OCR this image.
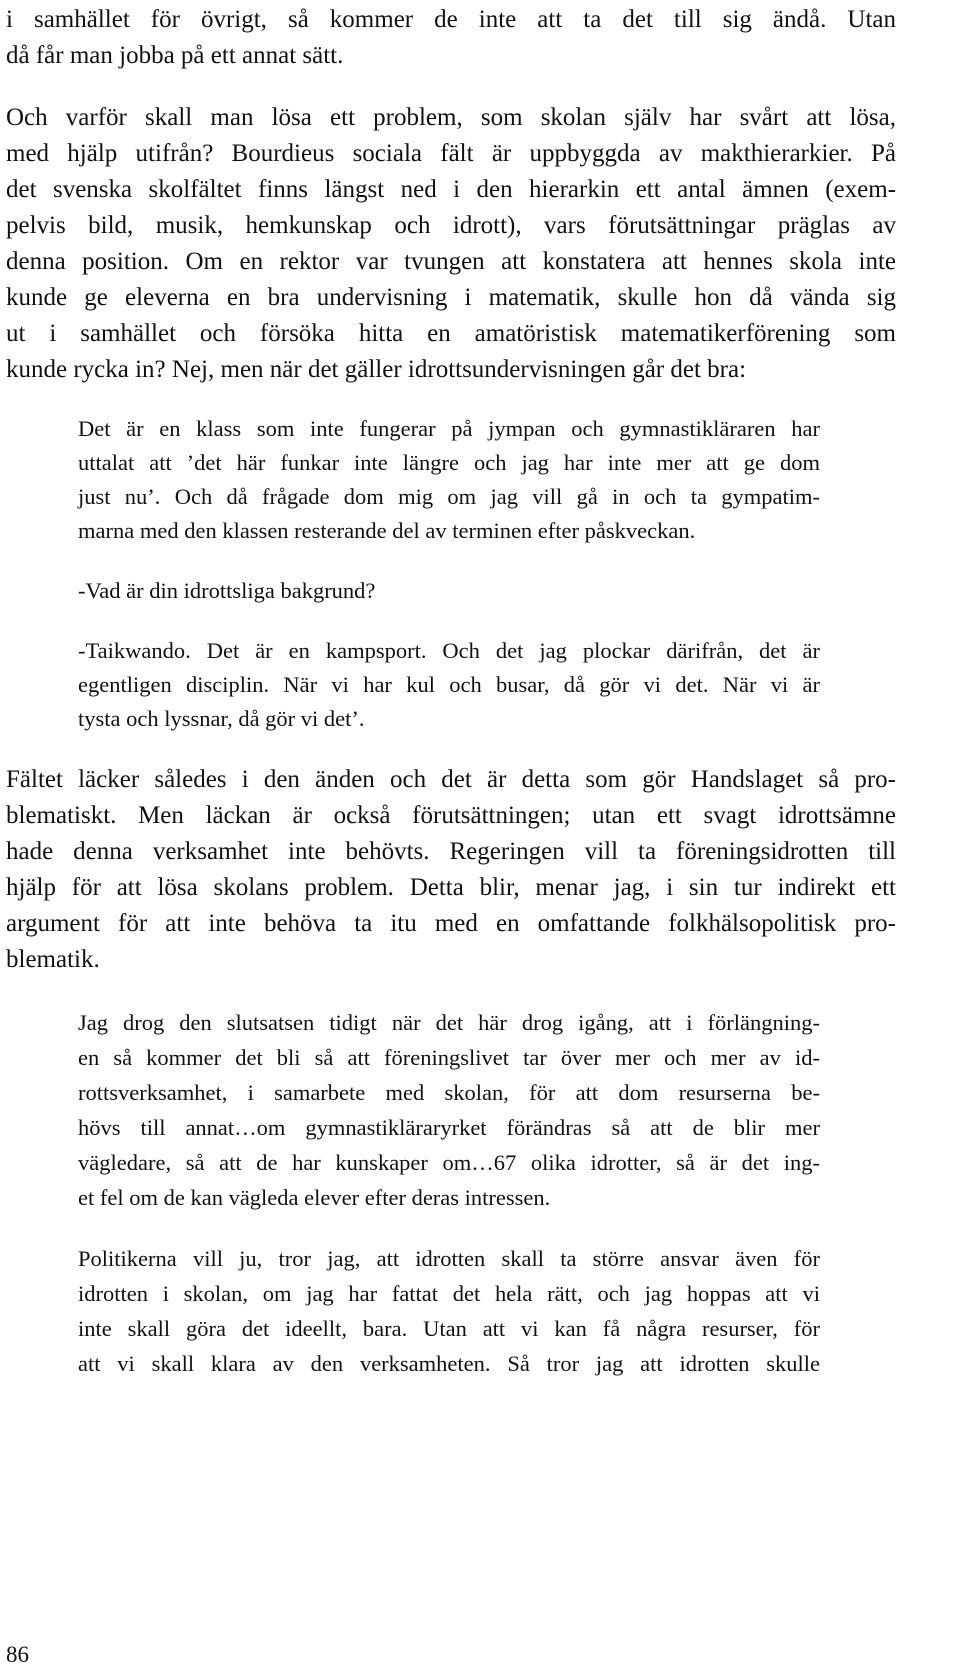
i samhället för övrigt, så kommer de inte att ta det till sig ändå. Utan

då får man jobba på ett annat sätt.

Och varför skall man lösa ett problem, som skolan själv har svårt att lösa,

med hjälp utifrån? Bourdieus sociala fält är uppbyggda av makthierarkier. På

det svenska skolfältet finns längst ned i den hierarkin ett antal ämnen (exem-

pelvis bild, musik, hemkunskap och idrott), vars förutsättningar präglas av

denna position. Om en rektor var tvungen att konstatera att hennes skola inte

kunde ge eleverna en bra undervisning i matematik, skulle hon då vända sig

ut i samhället och försöka hitta en amatöristisk matematikerförening som

kunde rycka in? Nej, men när det gäller idrottsundervisningen går det bra:

Det är en klass som inte fungerar på jympan och gymnastikläraren har

uttalat att ’det här funkar inte längre och jag har inte mer att ge dom

just nu’. Och då frågade dom mig om jag vill gå in och ta gympatim-

marna med den klassen resterande del av terminen efter påskveckan.

-Vad är din idrottsliga bakgrund?

-Taikwando. Det är en kampsport. Och det jag plockar därifrån, det är

egentligen disciplin. När vi har kul och busar, då gör vi det. När vi är

tysta och lyssnar, då gör vi det’.

Fältet läcker således i den änden och det är detta som gör Handslaget så pro-

blematiskt. Men läckan är också förutsättningen; utan ett svagt idrottsämne

hade denna verksamhet inte behövts. Regeringen vill ta föreningsidrotten till

hjälp för att lösa skolans problem. Detta blir, menar jag, i sin tur indirekt ett

argument för att inte behöva ta itu med en omfattande folkhälsopolitisk pro-

blematik.

Jag drog den slutsatsen tidigt när det här drog igång, att i förlängning-

en så kommer det bli så att föreningslivet tar över mer och mer av id-

rottsverksamhet, i samarbete med skolan, för att dom resurserna be-

hövs till annat…om gymnastikläraryrket förändras så att de blir mer

vägledare, så att de har kunskaper om…67 olika idrotter, så är det ing-

et fel om de kan vägleda elever efter deras intressen.

Politikerna vill ju, tror jag, att idrotten skall ta större ansvar även för

idrotten i skolan, om jag har fattat det hela rätt, och jag hoppas att vi

inte skall göra det ideellt, bara. Utan att vi kan få några resurser, för

att vi skall klara av den verksamheten. Så tror jag att idrotten skulle

86
